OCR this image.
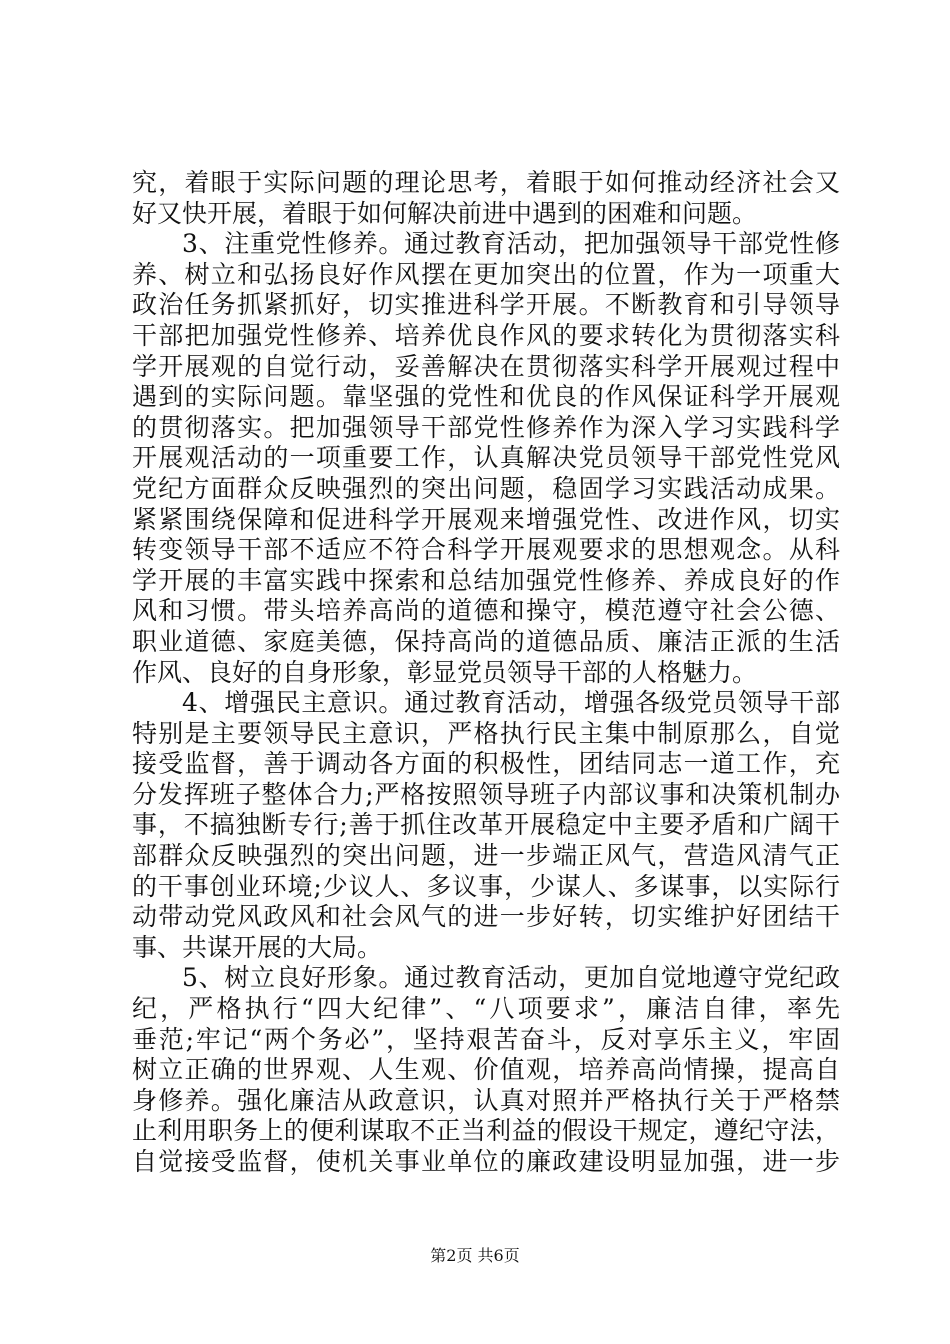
究，着眼于实际问题的理论思考，着眼于如何推动经济社会又
好又快开展，着眼于如何解决前进中遇到的困难和问题。
3、注重党性修养。通过教育活动，把加强领导干部党性修
养、树立和弘扬良好作风摆在更加突出的位置，作为一项重大
政治任务抓紧抓好，切实推进科学开展。不断教育和引导领导
干部把加强党性修养、培养优良作风的要求转化为贯彻落实科
学开展观的自觉行动，妥善解决在贯彻落实科学开展观过程中
遇到的实际问题。靠坚强的党性和优良的作风保证科学开展观
的贯彻落实。把加强领导干部党性修养作为深入学习实践科学
开展观活动的一项重要工作，认真解决党员领导干部党性党风
党纪方面群众反映强烈的突出问题，稳固学习实践活动成果。
紧紧围绕保障和促进科学开展观来增强党性、改进作风，切实
转变领导干部不适应不符合科学开展观要求的思想观念。从科
学开展的丰富实践中探索和总结加强党性修养、养成良好的作
风和习惯。带头培养高尚的道德和操守，模范遵守社会公德、
职业道德、家庭美德，保持高尚的道德品质、廉洁正派的生活
作风、良好的自身形象，彰显党员领导干部的人格魅力。
4、增强民主意识。通过教育活动，增强各级党员领导干部
特别是主要领导民主意识，严格执行民主集中制原那么，自觉
接受监督，善于调动各方面的积极性，团结同志一道工作，充
分发挥班子整体合力;严格按照领导班子内部议事和决策机制办
事，不搞独断专行;善于抓住改革开展稳定中主要矛盾和广阔干
部群众反映强烈的突出问题，进一步端正风气，营造风清气正
的干事创业环境;少议人、多议事，少谋人、多谋事，以实际行
动带动党风政风和社会风气的进一步好转，切实维护好团结干
事、共谋开展的大局。
5、树立良好形象。通过教育活动，更加自觉地遵守党纪政
纪，严格执行“四大纪律”、“八项要求”，廉洁自律，率先
垂范;牢记“两个务必”，坚持艰苦奋斗，反对享乐主义，牢固
树立正确的世界观、人生观、价值观，培养高尚情操，提高自
身修养。强化廉洁从政意识，认真对照并严格执行关于严格禁
止利用职务上的便利谋取不正当利益的假设干规定，遵纪守法，
自觉接受监督，使机关事业单位的廉政建设明显加强，进一步
第2页 共6页
